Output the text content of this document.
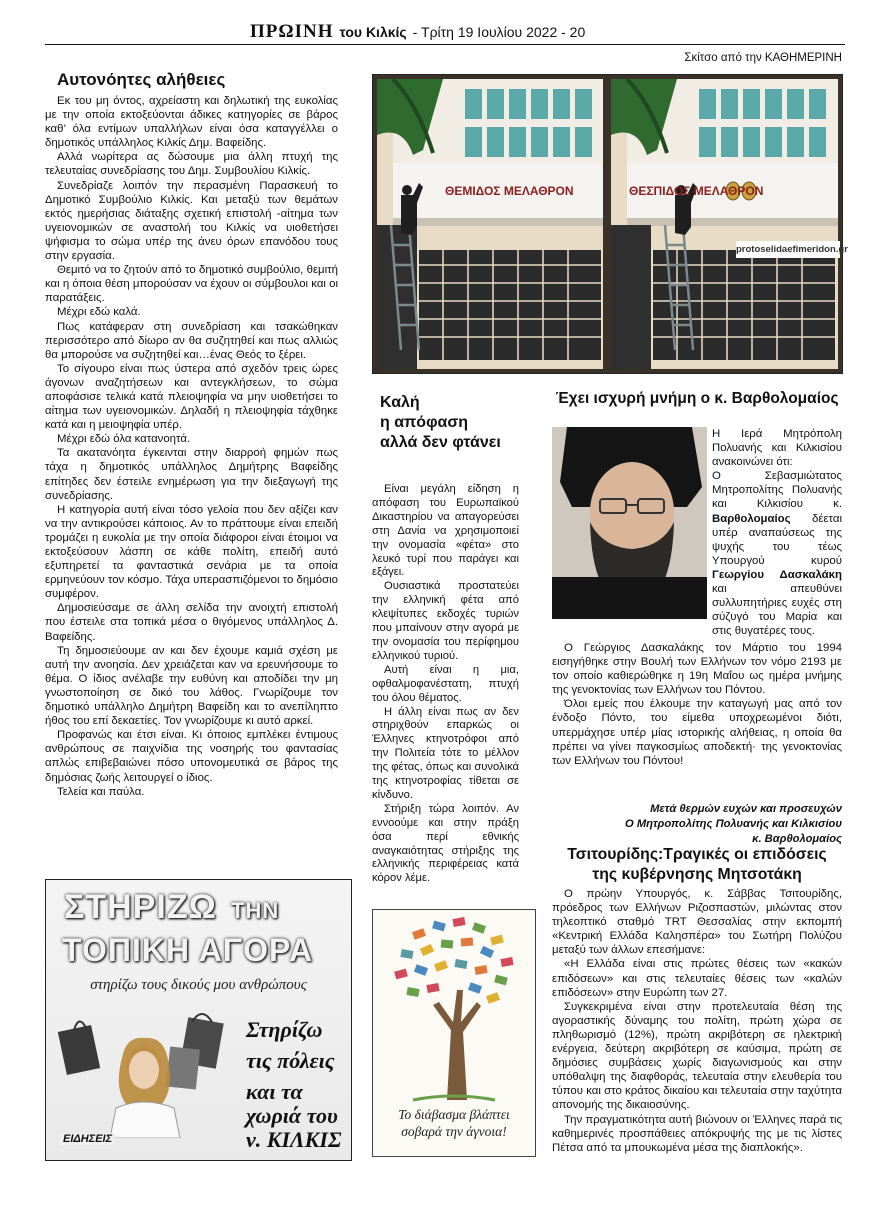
ΠΡΩΙΝΗ του Κιλκίς - Τρίτη 19 Ιουλίου 2022 - 20
Σκίτσο από την ΚΑΘΗΜΕΡΙΝΗ
Αυτονόητες αλήθειες

Εκ του μη όντος, αχρείαστη και δηλωτική της ευκολίας με την οποία εκτοξεύονται άδικες κατηγορίες σε βάρος καθ’ όλα εντίμων υπαλλήλων είναι όσα καταγγέλλει ο δημοτικός υπάλληλος Κιλκίς Δημ. Βαφείδης.

Αλλά νωρίτερα ας δώσουμε μια άλλη πτυχή της τελευταίας συνεδρίασης του Δημ. Συμβουλίου Κιλκίς.

Συνεδρίαζε λοιπόν την περασμένη Παρασκευή το Δημοτικό Συμβούλιο Κιλκίς. Και μεταξύ των θεμάτων εκτός ημερήσιας διάταξης σχετική επιστολή -αίτημα των υγειονομικών σε αναστολή του Κιλκίς να υιοθετήσει ψήφισμα το σώμα υπέρ της άνευ όρων επανόδου τους στην εργασία.

Θεμιτό να το ζητούν από το δημοτικό συμβούλιο, θεμιτή και η όποια θέση μπορούσαν να έχουν οι σύμβουλοι και οι παρατάξεις.

Μέχρι εδώ καλά.

Πως κατάφεραν στη συνεδρίαση και τσακώθηκαν περισσότερο από δίωρο αν θα συζητηθεί και πως αλλιώς θα μπορούσε να συζητηθεί και…ένας Θεός το ξέρει.

Το σίγουρο είναι πως ύστερα από σχεδόν τρεις ώρες άγονων αναζητήσεων και αντεγκλήσεων, το σώμα αποφάσισε τελικά κατά πλειοψηφία να μην υιοθετήσει το αίτημα των υγειονομικών. Δηλαδή η πλειοψηφία τάχθηκε κατά και η μειοψηφία υπέρ.

Μέχρι εδώ όλα κατανοητά.

Τα ακατανόητα έγκεινται στην διαρροή φημών πως τάχα η δημοτικός υπάλληλος Δημήτρης Βαφείδης επίτηδες δεν έστειλε ενημέρωση για την διεξαγωγή της συνεδρίασης.

Η κατηγορία αυτή είναι τόσο γελοία που δεν αξίζει καν να την αντικρούσει κάποιος. Αν το πράττουμε είναι επειδή τρομάζει η ευκολία με την οποία διάφοροι είναι έτοιμοι να εκτοξεύσουν λάσπη σε κάθε πολίτη, επειδή αυτό εξυπηρετεί τα φανταστικά σενάρια με τα οποία ερμηνεύουν τον κόσμο. Τάχα υπερασπιζόμενοι το δημόσιο συμφέρον.

Δημοσιεύσαμε σε άλλη σελίδα την ανοιχτή επιστολή που έστειλε στα τοπικά μέσα ο θιγόμενος υπάλληλος Δ. Βαφείδης.

Τη δημοσιεύουμε αν και δεν έχουμε καμιά σχέση με αυτή την ανοησία. Δεν χρειάζεται καν να ερευνήσουμε το θέμα. Ο ίδιος ανέλαβε την ευθύνη και αποδίδει την μη γνωστοποίηση σε δικό του λάθος. Γνωρίζουμε τον δημοτικό υπάλληλο Δημήτρη Βαφείδη και το ανεπίληπτο ήθος του επί δεκαετίες. Τον γνωρίζουμε κι αυτό αρκεί.

Προφανώς και έτσι είναι. Κι όποιος εμπλέκει έντιμους ανθρώπους σε παιχνίδια της νοσηρής του φαντασίας απλώς επιβεβαιώνει πόσο υπονομευτικά σε βάρος της δημόσιας ζωής λειτουργεί ο ίδιος.

Τελεία και παύλα.

ΘΕΜΙΔΟΣ ΜΕΛΑΘΡΟΝ	ΘΕΣΠΙΔΟΣ ΜΕΛΑΘΡΟΝ
protoselidaefimeridon.gr
Καλή
η απόφαση
αλλά δεν φτάνει

Είναι μεγάλη είδηση η απόφαση του Ευρωπαϊκού Δικαστηρίου να απαγορεύσει στη Δανία να χρησιμοποιεί την ονομασία «φέτα» στο λευκό τυρί που παράγει και εξάγει.

Ουσιαστικά προστατεύει την ελληνική φέτα από κλεψίτυπες εκδοχές τυριών που μπαίνουν στην αγορά με την ονομασία του περίφημου ελληνικού τυριού.

Αυτή είναι η μια, οφθαλμοφανέστατη, πτυχή του όλου θέματος.

Η άλλη είναι πως αν δεν στηριχθούν επαρκώς οι Έλληνες κτηνοτρόφοι από την Πολιτεία τότε το μέλλον της φέτας, όπως και συνολικά της κτηνοτροφίας τίθεται σε κίνδυνο.

Στήριξη τώρα λοιπόν. Αν εννοούμε και στην πράξη όσα περί εθνικής αναγκαιότητας στήριξης της ελληνικής περιφέρειας κατά κόρον λέμε.

Έχει ισχυρή μνήμη ο κ. Βαρθολομαίος

Η Ιερά Μητρόπολη Πολυανής και Κιλκισίου ανακοινώνει ότι:

Ο Σεβασμιώτατος Μητροπολίτης Πολυανής και Κιλκισίου κ. Βαρθολομαίος δέεται υπέρ αναπαύσεως της ψυχής του τέως Υπουργού κυρού Γεωργίου Δασκαλάκη και απευθύνει συλλυπητήριες ευχές στη σύζυγό του Μαρία και στις θυγατέρες τους.

Ο Γεώργιος Δασκαλάκης τον Μάρτιο του 1994 εισηγήθηκε στην Βουλή των Ελλήνων τον νόμο 2193 με τον οποίο καθιερώθηκε η 19η Μαΐου ως ημέρα μνήμης της γενοκτονίας των Ελλήνων του Πόντου.

Όλοι εμείς που έλκουμε την καταγωγή μας από τον ένδοξο Πόντο, του είμεθα υποχρεωμένοι διότι, υπερμάχησε υπέρ μίας ιστορικής αλήθειας, η οποία θα πρέπει να γίνει παγκοσμίως αποδεκτή· της γενοκτονίας των Ελλήνων του Πόντου!

Μετά θερμών ευχών και προσευχών
Ο Μητροπολίτης Πολυανής και Κιλκισίου
κ. Βαρθολομαίος
Τσιτουρίδης:Τραγικές οι επιδόσεις
της κυβέρνησης Μητσοτάκη

Ο πρώην Υπουργός, κ. Σάββας Τσιτουρίδης, πρόεδρος των Ελλήνων Ριζοσπαστών, μιλώντας στον τηλεοπτικό σταθμό TRT Θεσσαλίας στην εκπομπή «Κεντρική Ελλάδα Καλησπέρα» του Σωτήρη Πολύζου μεταξύ των άλλων επεσήμανε:

«Η Ελλάδα είναι στις πρώτες θέσεις των «κακών επιδόσεων» και στις τελευταίες θέσεις των «καλών επιδόσεων» στην Ευρώπη των 27.

Συγκεκριμένα είναι στην προτελευταία θέση της αγοραστικής δύναμης του πολίτη, πρώτη χώρα σε πληθωρισμό (12%), πρώτη ακριβότερη σε ηλεκτρική ενέργεια, δεύτερη ακριβότερη σε καύσιμα, πρώτη σε δημόσιες συμβάσεις χωρίς διαγωνισμούς και στην υπόθαλψη της διαφθοράς, τελευταία στην ελευθερία του τύπου και στο κράτος δικαίου και τελευταία στην ταχύτητα απονομής της δικαιοσύνης.

Την πραγματικότητα αυτή βιώνουν οι Έλληνες παρά τις καθημερινές προσπάθειες απόκρυψής της με τις λίστες Πέτσα από τα μπουκωμένα μέσα της διαπλοκής».

ΣΤΗΡΙΖΩ ΤΗΝ
ΤΟΠΙΚΗ ΑΓΟΡΑ
στηρίζω τους δικούς μου ανθρώπους
Στηρίζω
τις πόλεις
και τα
χωριά του
ν. ΚΙΛΚΙΣ
ΕΙΔΗΣΕΙΣ
Το διάβασμα βλάπτει
σοβαρά την άγνοια!
